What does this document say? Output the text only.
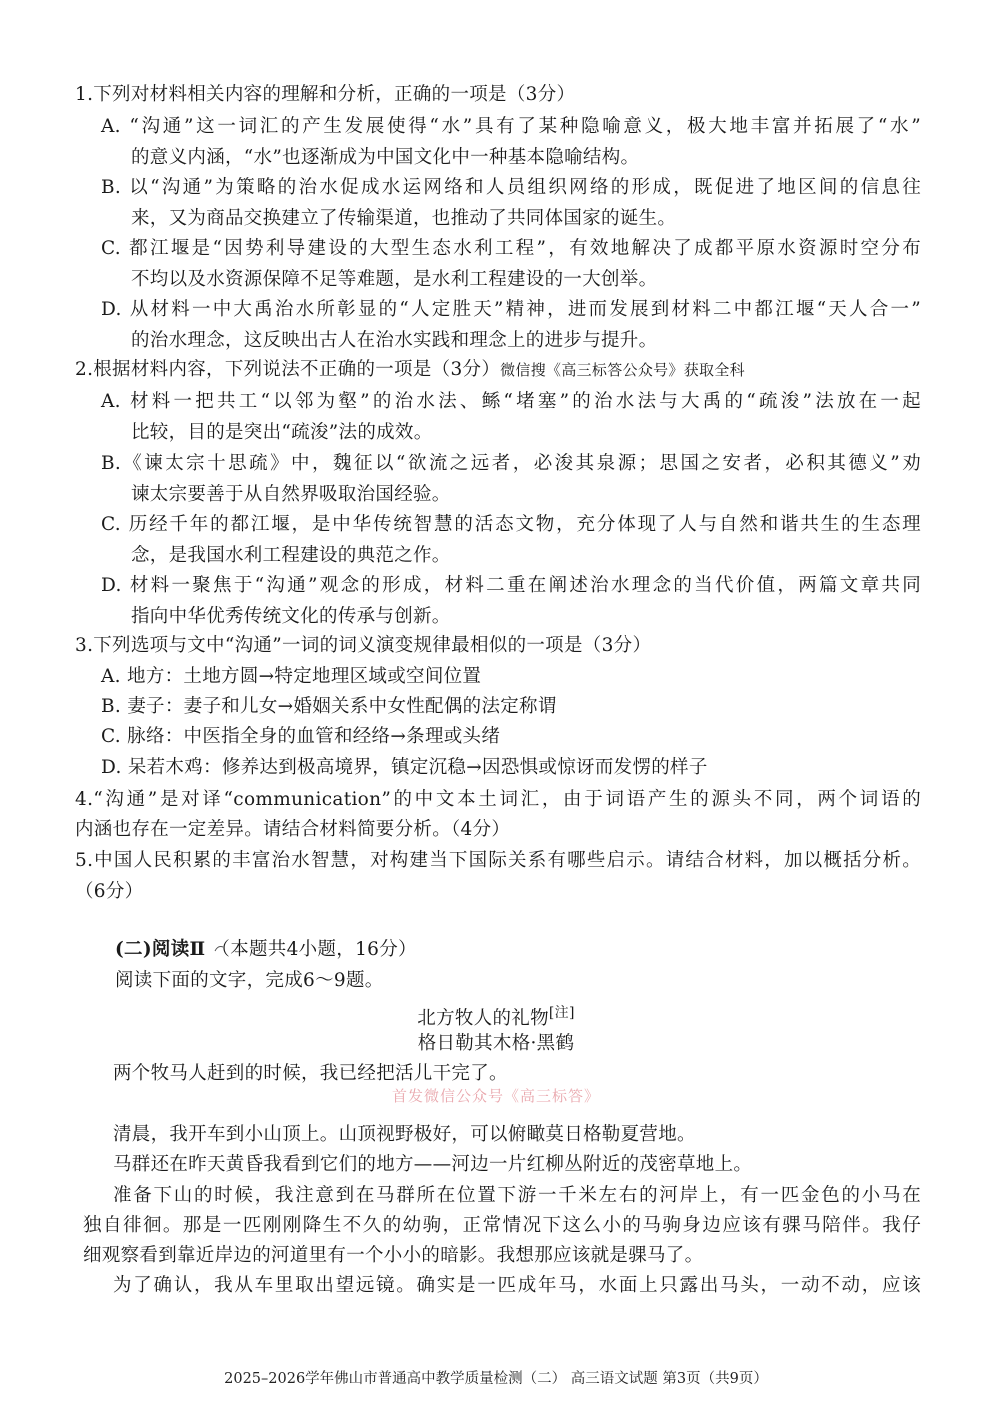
1.下列对材料相关内容的理解和分析，正确的一项是（3分）
A. “沟通”这一词汇的产生发展使得“水”具有了某种隐喻意义，极大地丰富并拓展了“水”
的意义内涵，“水”也逐渐成为中国文化中一种基本隐喻结构。
B. 以“沟通”为策略的治水促成水运网络和人员组织网络的形成，既促进了地区间的信息往
来，又为商品交换建立了传输渠道，也推动了共同体国家的诞生。
C. 都江堰是“因势利导建设的大型生态水利工程”，有效地解决了成都平原水资源时空分布
不均以及水资源保障不足等难题，是水利工程建设的一大创举。
D. 从材料一中大禹治水所彰显的“人定胜天”精神，进而发展到材料二中都江堰“天人合一”
的治水理念，这反映出古人在治水实践和理念上的进步与提升。
2.根据材料内容，下列说法不正确的一项是（3分）微信搜《高三标答公众号》获取全科
A. 材料一把共工“以邻为壑”的治水法、鲧“堵塞”的治水法与大禹的“疏浚”法放在一起
比较，目的是突出“疏浚”法的成效。
B.《谏太宗十思疏》中，魏征以“欲流之远者，必浚其泉源；思国之安者，必积其德义”劝
谏太宗要善于从自然界吸取治国经验。
C. 历经千年的都江堰，是中华传统智慧的活态文物，充分体现了人与自然和谐共生的生态理
念，是我国水利工程建设的典范之作。
D. 材料一聚焦于“沟通”观念的形成，材料二重在阐述治水理念的当代价值，两篇文章共同
指向中华优秀传统文化的传承与创新。
3.下列选项与文中“沟通”一词的词义演变规律最相似的一项是（3分）
A. 地方：土地方圆→特定地理区域或空间位置
B. 妻子：妻子和儿女→婚姻关系中女性配偶的法定称谓
C. 脉络：中医指全身的血管和经络→条理或头绪
D. 呆若木鸡：修养达到极高境界，镇定沉稳→因恐惧或惊讶而发愣的样子
4.“沟通”是对译“communication”的中文本土词汇，由于词语产生的源头不同，两个词语的
内涵也存在一定差异。请结合材料简要分析。（4分）
5.中国人民积累的丰富治水智慧，对构建当下国际关系有哪些启示。请结合材料，加以概括分析。
（6分）
(二)阅读Ⅱ （本题共4小题，16分）
阅读下面的文字，完成6～9题。
北方牧人的礼物[注]
格日勒其木格·黑鹤
两个牧马人赶到的时候，我已经把活儿干完了。
首发微信公众号《高三标答》
清晨，我开车到小山顶上。山顶视野极好，可以俯瞰莫日格勒夏营地。
马群还在昨天黄昏我看到它们的地方——河边一片红柳丛附近的茂密草地上。
准备下山的时候，我注意到在马群所在位置下游一千米左右的河岸上，有一匹金色的小马在
独自徘徊。那是一匹刚刚降生不久的幼驹，正常情况下这么小的马驹身边应该有骒马陪伴。我仔
细观察看到靠近岸边的河道里有一个小小的暗影。我想那应该就是骒马了。
为了确认，我从车里取出望远镜。确实是一匹成年马，水面上只露出马头，一动不动，应该
2025–2026学年佛山市普通高中教学质量检测（二） 高三语文试题 第3页（共9页）
